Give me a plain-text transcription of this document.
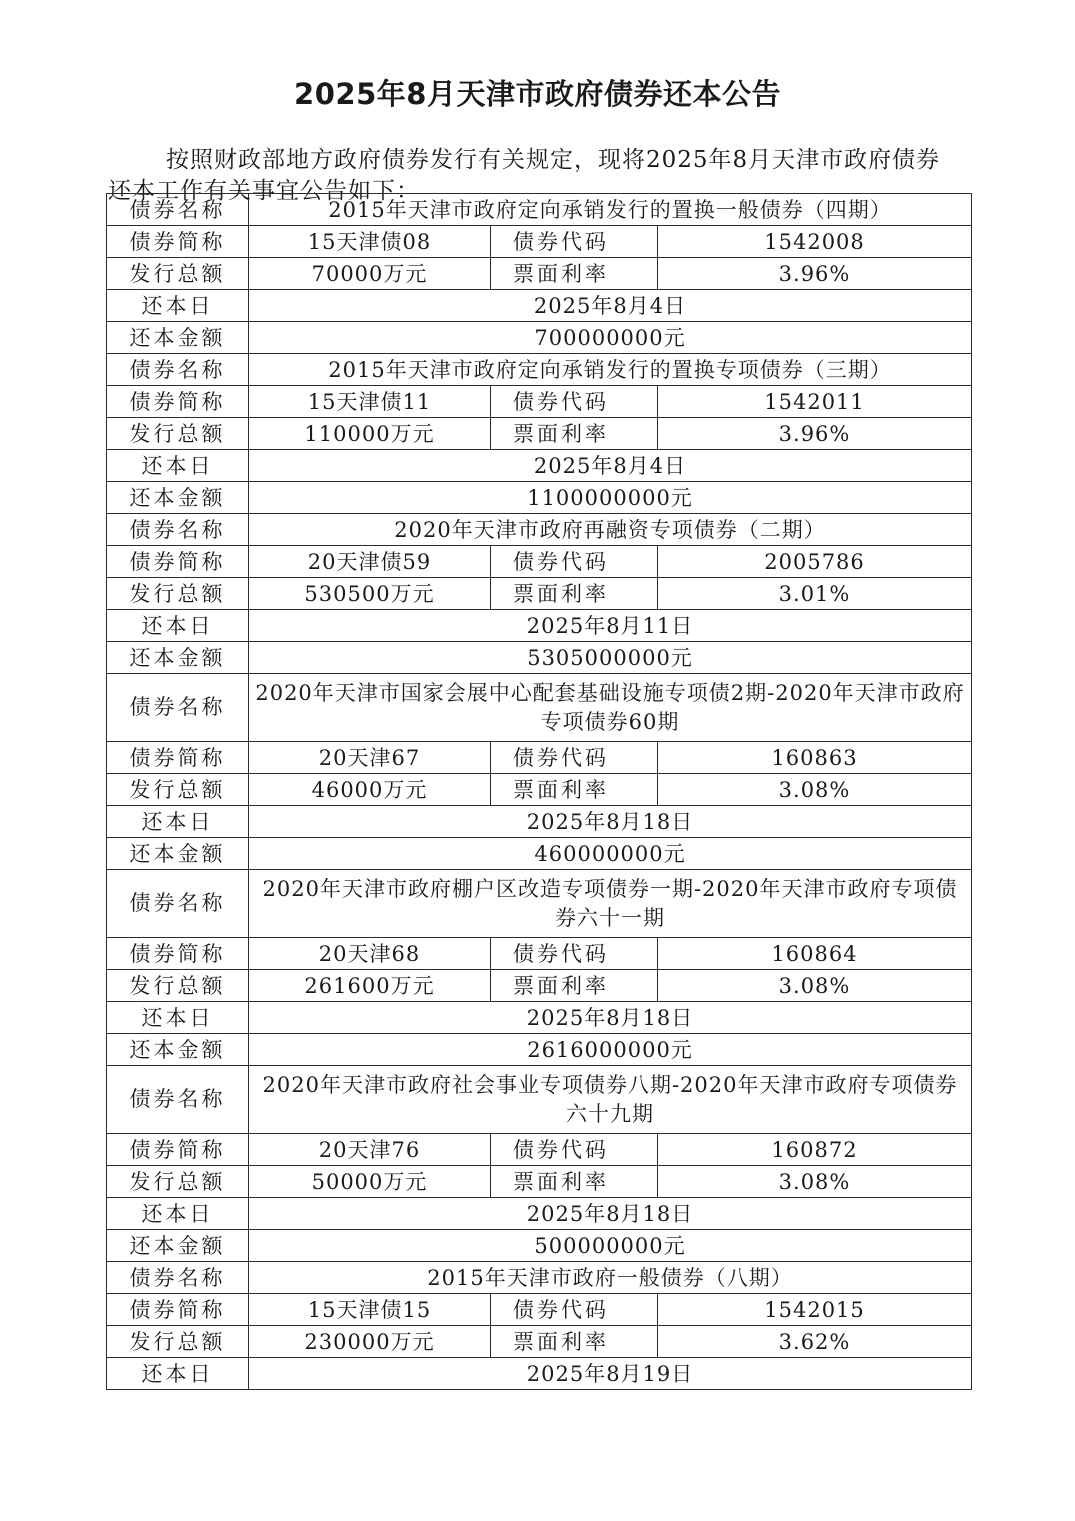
2025年8月天津市政府债券还本公告

按照财政部地方政府债券发行有关规定，现将2025年8月天津市政府债券还本工作有关事宜公告如下：

债券名称	2015年天津市政府定向承销发行的置换一般债券（四期）		
债券简称	15天津债08	债券代码	1542008
发行总额	70000万元	票面利率	3.96%
还本日	2025年8月4日		
还本金额	700000000元		
债券名称	2015年天津市政府定向承销发行的置换专项债券（三期）		
债券简称	15天津债11	债券代码	1542011
发行总额	110000万元	票面利率	3.96%
还本日	2025年8月4日		
还本金额	1100000000元		
债券名称	2020年天津市政府再融资专项债券（二期）		
债券简称	20天津债59	债券代码	2005786
发行总额	530500万元	票面利率	3.01%
还本日	2025年8月11日		
还本金额	5305000000元		
债券名称	2020年天津市国家会展中心配套基础设施专项债2期-2020年天津市政府专项债券60期		
债券简称	20天津67	债券代码	160863
发行总额	46000万元	票面利率	3.08%
还本日	2025年8月18日		
还本金额	460000000元		
债券名称	2020年天津市政府棚户区改造专项债券一期-2020年天津市政府专项债券六十一期		
债券简称	20天津68	债券代码	160864
发行总额	261600万元	票面利率	3.08%
还本日	2025年8月18日		
还本金额	2616000000元		
债券名称	2020年天津市政府社会事业专项债券八期-2020年天津市政府专项债券六十九期		
债券简称	20天津76	债券代码	160872
发行总额	50000万元	票面利率	3.08%
还本日	2025年8月18日		
还本金额	500000000元		
债券名称	2015年天津市政府一般债券（八期）		
债券简称	15天津债15	债券代码	1542015
发行总额	230000万元	票面利率	3.62%
还本日	2025年8月19日		
